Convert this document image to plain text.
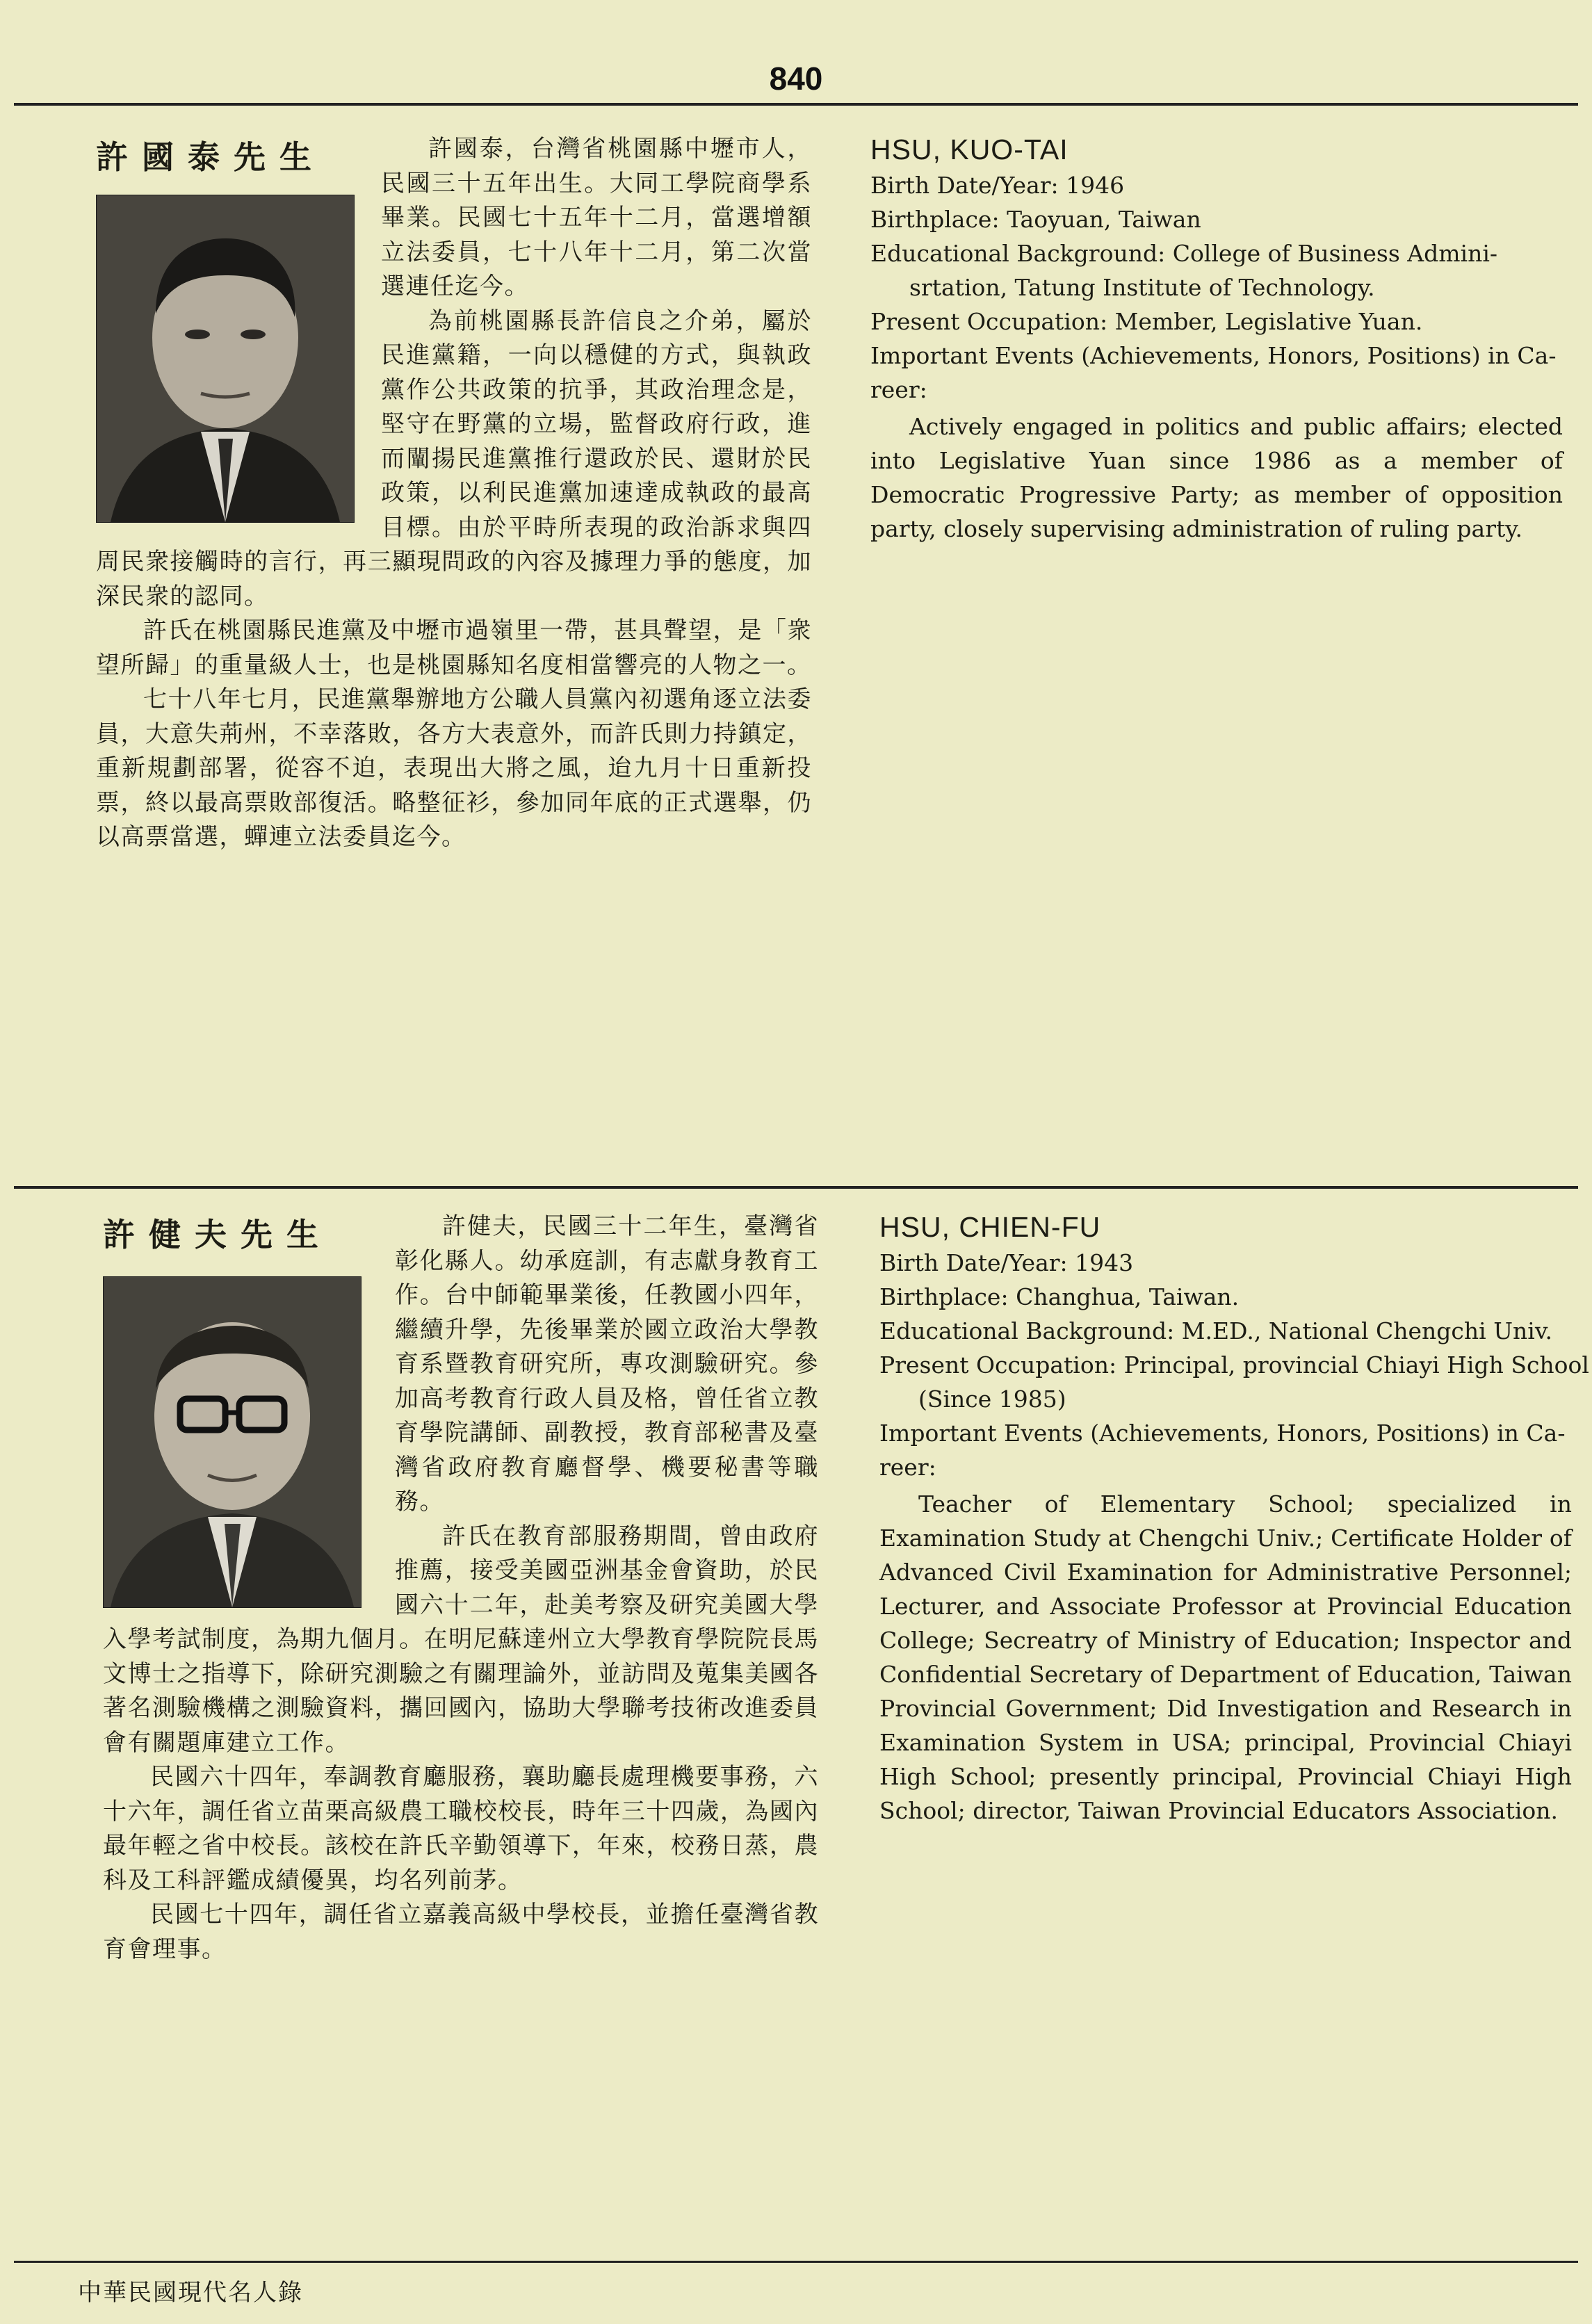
840
許國泰先生	許國泰，台灣省桃園縣中壢市人，民國三十五年出生。大同工學院商學系畢業。民國七十五年十二月，當選增額立法委員，七十八年十二月，第二次當選連任迄今。

為前桃園縣長許信良之介弟，屬於民進黨籍，一向以穩健的方式，與執政黨作公共政策的抗爭，其政治理念是，堅守在野黨的立場，監督政府行政，進而闡揚民進黨推行還政於民、還財於民政策，以利民進黨加速達成執政的最高目標。由於平時所表現的政治訴求與四周民衆接觸時的言行，再三顯現問政的內容及據理力爭的態度，加深民衆的認同。

許氏在桃園縣民進黨及中壢市過嶺里一帶，甚具聲望，是「衆望所歸」的重量級人士，也是桃園縣知名度相當響亮的人物之一。

七十八年七月，民進黨舉辦地方公職人員黨內初選角逐立法委員，大意失荊州，不幸落敗，各方大表意外，而許氏則力持鎮定，重新規劃部署，從容不迫，表現出大將之風，迨九月十日重新投票，終以最高票敗部復活。略整征衫，參加同年底的正式選舉，仍以高票當選，蟬連立法委員迄今。

HSU, KUO-TAI
Birth Date/Year: 1946
Birthplace: Taoyuan, Taiwan
Educational Background: College of Business Admini-
srtation, Tatung Institute of Technology.
Present Occupation: Member, Legislative Yuan.
Important Events (Achievements, Honors, Positions) in Ca-
reer:
Actively engaged in politics and public affairs; elected into Legislative Yuan since 1986 as a member of Democratic Progressive Party; as member of opposition party, closely supervising administration of ruling party.
許健夫先生	許健夫，民國三十二年生，臺灣省彰化縣人。幼承庭訓，有志獻身教育工作。台中師範畢業後，任教國小四年，繼續升學，先後畢業於國立政治大學教育系暨教育研究所，專攻測驗研究。參加高考教育行政人員及格，曾任省立教育學院講師、副教授，教育部秘書及臺灣省政府教育廳督學、機要秘書等職務。

許氏在教育部服務期間，曾由政府推薦，接受美國亞洲基金會資助，於民國六十二年，赴美考察及研究美國大學入學考試制度，為期九個月。在明尼蘇達州立大學教育學院院長馬文博士之指導下，除研究測驗之有關理論外，並訪問及蒐集美國各著名測驗機構之測驗資料，攜回國內，協助大學聯考技術改進委員會有關題庫建立工作。

民國六十四年，奉調教育廳服務，襄助廳長處理機要事務，六十六年，調任省立苗栗高級農工職校校長，時年三十四歲，為國內最年輕之省中校長。該校在許氏辛勤領導下，年來，校務日蒸，農科及工科評鑑成績優異，均名列前茅。

民國七十四年，調任省立嘉義高級中學校長，並擔任臺灣省教育會理事。

HSU, CHIEN-FU
Birth Date/Year: 1943
Birthplace: Changhua, Taiwan.
Educational Background: M.ED., National Chengchi Univ.
Present Occupation: Principal, provincial Chiayi High School
(Since 1985)
Important Events (Achievements, Honors, Positions) in Ca-
reer:
Teacher of Elementary School; specialized in Examination Study at Chengchi Univ.; Certificate Holder of Advanced Civil Examination for Administrative Personnel; Lecturer, and Associate Professor at Provincial Education College; Secreatry of Ministry of Education; Inspector and Confidential Secretary of Department of Education, Taiwan Provincial Government; Did Investigation and Research in Examination System in USA; principal, Provincial Chiayi High School; presently principal, Provincial Chiayi High School; director, Taiwan Provincial Educators Association.
中華民國現代名人錄
